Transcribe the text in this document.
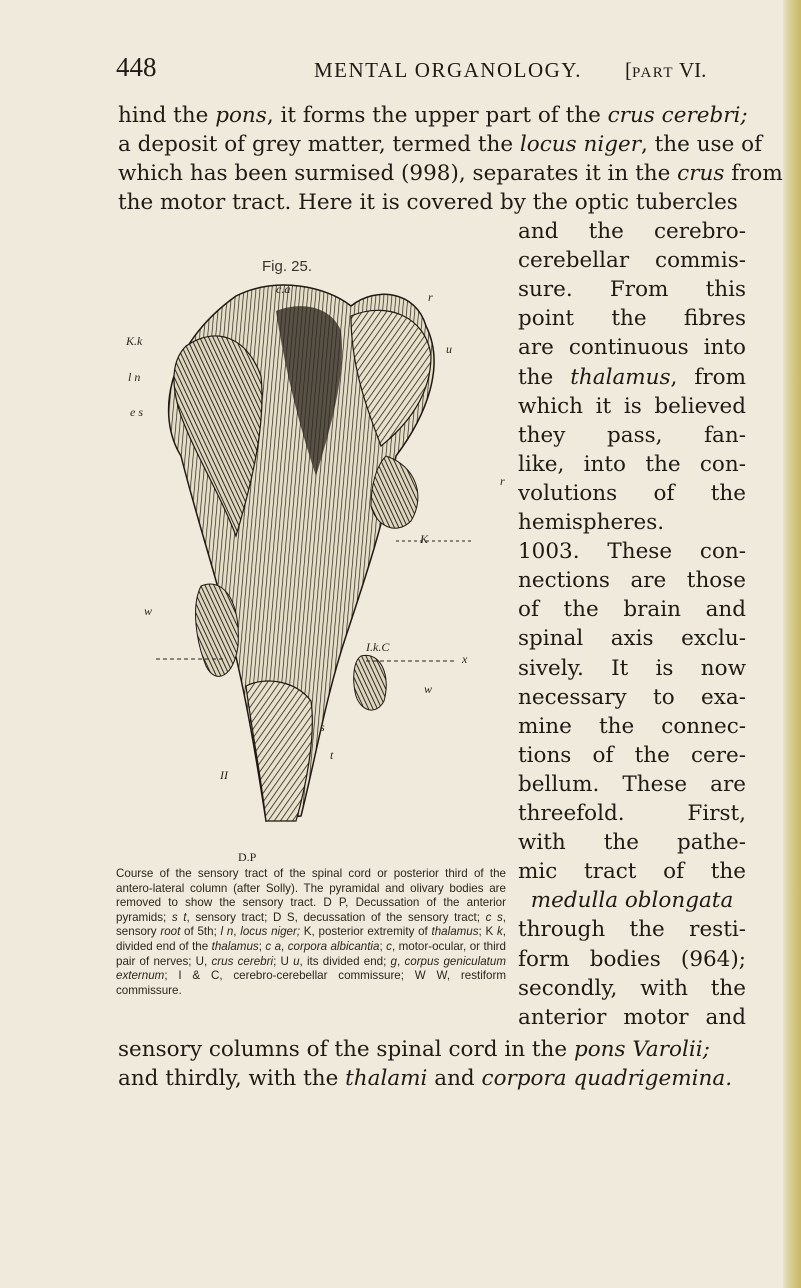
448	MENTAL ORGANOLOGY. [PART VI.
hind the pons, it forms the upper part of the crus cerebri;
a deposit of grey matter, termed the locus niger, the use of
which has been surmised (998), separates it in the crus from
the motor tract. Here it is covered by the optic tubercles
and the cerebro-
cerebellar commis-
sure. From this
point the fibres
are continuous into
the thalamus, from
which it is believed
they pass, fan-
like, into the con-
volutions of the
hemispheres.
1003. These con-
nections are those
of the brain and
spinal axis exclu-
sively. It is now
necessary to exa-
mine the connec-
tions of the cere-
bellum. These are
threefold. First,
with the pathe-
mic tract of the
medulla oblongata
through the resti-
form bodies (964);
secondly, with the
anterior motor and
sensory columns of the spinal cord in the pons Varolii;
and thirdly, with the thalami and corpora quadrigemina.
Fig. 25.
c.a
r
u
K.k
l n
e s
r
K
w
x
I.k.C
w
s
t
II
D.P
Course of the sensory tract of the spinal cord or posterior third of the antero-lateral column (after Solly). The pyramidal and olivary bodies are removed to show the sensory tract. D P, Decussation of the anterior pyramids; s t, sensory tract; D S, decussation of the sensory tract; c s, sensory root of 5th; l n, locus niger; K, posterior extremity of thalamus; K k, divided end of the thalamus; c a, corpora albicantia; c, motor-ocular, or third pair of nerves; U, crus cerebri; U u, its divided end; g, corpus geniculatum externum; I & C, cerebro-cerebellar commissure; W W, restiform commissure.
